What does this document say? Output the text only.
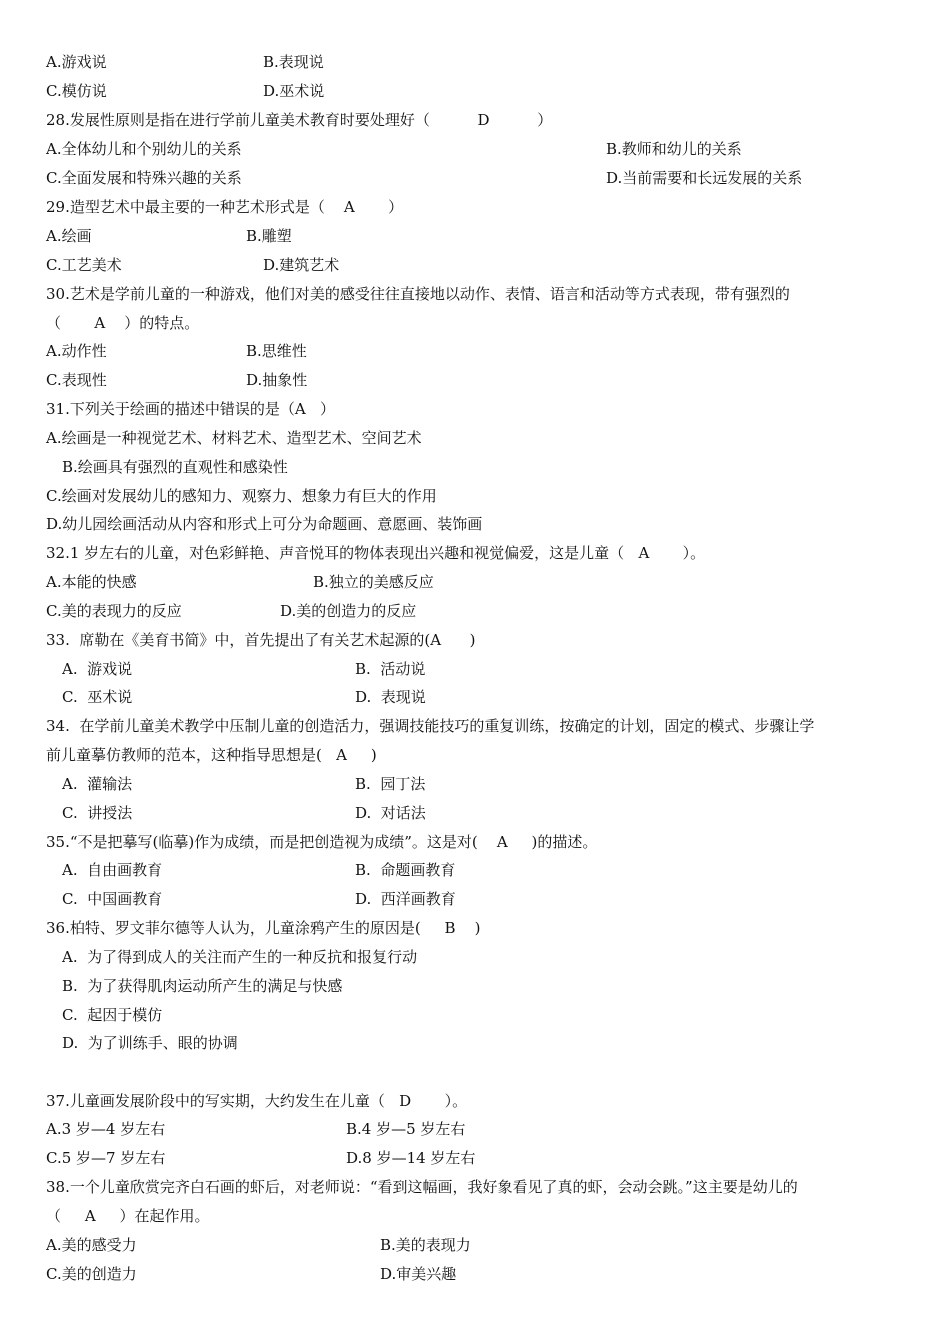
A.游戏说	B.表现说
C.模仿说	D.巫术说
28.发展性原则是指在进行学前儿童美术教育时要处理好（          D          ）
A.全体幼儿和个别幼儿的关系	B.教师和幼儿的关系
C.全面发展和特殊兴趣的关系	D.当前需要和长远发展的关系
29.造型艺术中最主要的一种艺术形式是（    A       ）
A.绘画	B.雕塑
C.工艺美术	D.建筑艺术
30.艺术是学前儿童的一种游戏，他们对美的感受往往直接地以动作、表情、语言和活动等方式表现，带有强烈的
（       A    ）的特点。
A.动作性	B.思维性
C.表现性	D.抽象性
31.下列关于绘画的描述中错误的是（A   ）
A.绘画是一种视觉艺术、材料艺术、造型艺术、空间艺术
B.绘画具有强烈的直观性和感染性
C.绘画对发展幼儿的感知力、观察力、想象力有巨大的作用
D.幼儿园绘画活动从内容和形式上可分为命题画、意愿画、装饰画
32.1 岁左右的儿童，对色彩鲜艳、声音悦耳的物体表现出兴趣和视觉偏爱，这是儿童（   A       ）。
A.本能的快感	B.独立的美感反应
C.美的表现力的反应	D.美的创造力的反应
33.  席勒在《美育书简》中，首先提出了有关艺术起源的(A      )
A.  游戏说	B.  活动说
C.  巫术说	D.  表现说
34.  在学前儿童美术教学中压制儿童的创造活力，强调技能技巧的重复训练，按确定的计划，固定的模式、步骤让学
前儿童摹仿教师的范本，这种指导思想是(   A     )
A.  灌输法	B.  园丁法
C.  讲授法	D.  对话法
35.“不是把摹写(临摹)作为成绩，而是把创造视为成绩”。这是对(    A     )的描述。
A.  自由画教育	B.  命题画教育
C.  中国画教育	D.  西洋画教育
36.柏特、罗文菲尔德等人认为，儿童涂鸦产生的原因是(     B    )
A.  为了得到成人的关注而产生的一种反抗和报复行动
B.  为了获得肌肉运动所产生的满足与快感
C.  起因于模仿
D.  为了训练手、眼的协调
37.儿童画发展阶段中的写实期，大约发生在儿童（   D       ）。
A.3 岁—4 岁左右	B.4 岁—5 岁左右
C.5 岁—7 岁左右	D.8 岁—14 岁左右
38.一个儿童欣赏完齐白石画的虾后，对老师说：“看到这幅画，我好象看见了真的虾，会动会跳。”这主要是幼儿的
（     A     ）在起作用。
A.美的感受力	B.美的表现力
C.美的创造力	D.审美兴趣
